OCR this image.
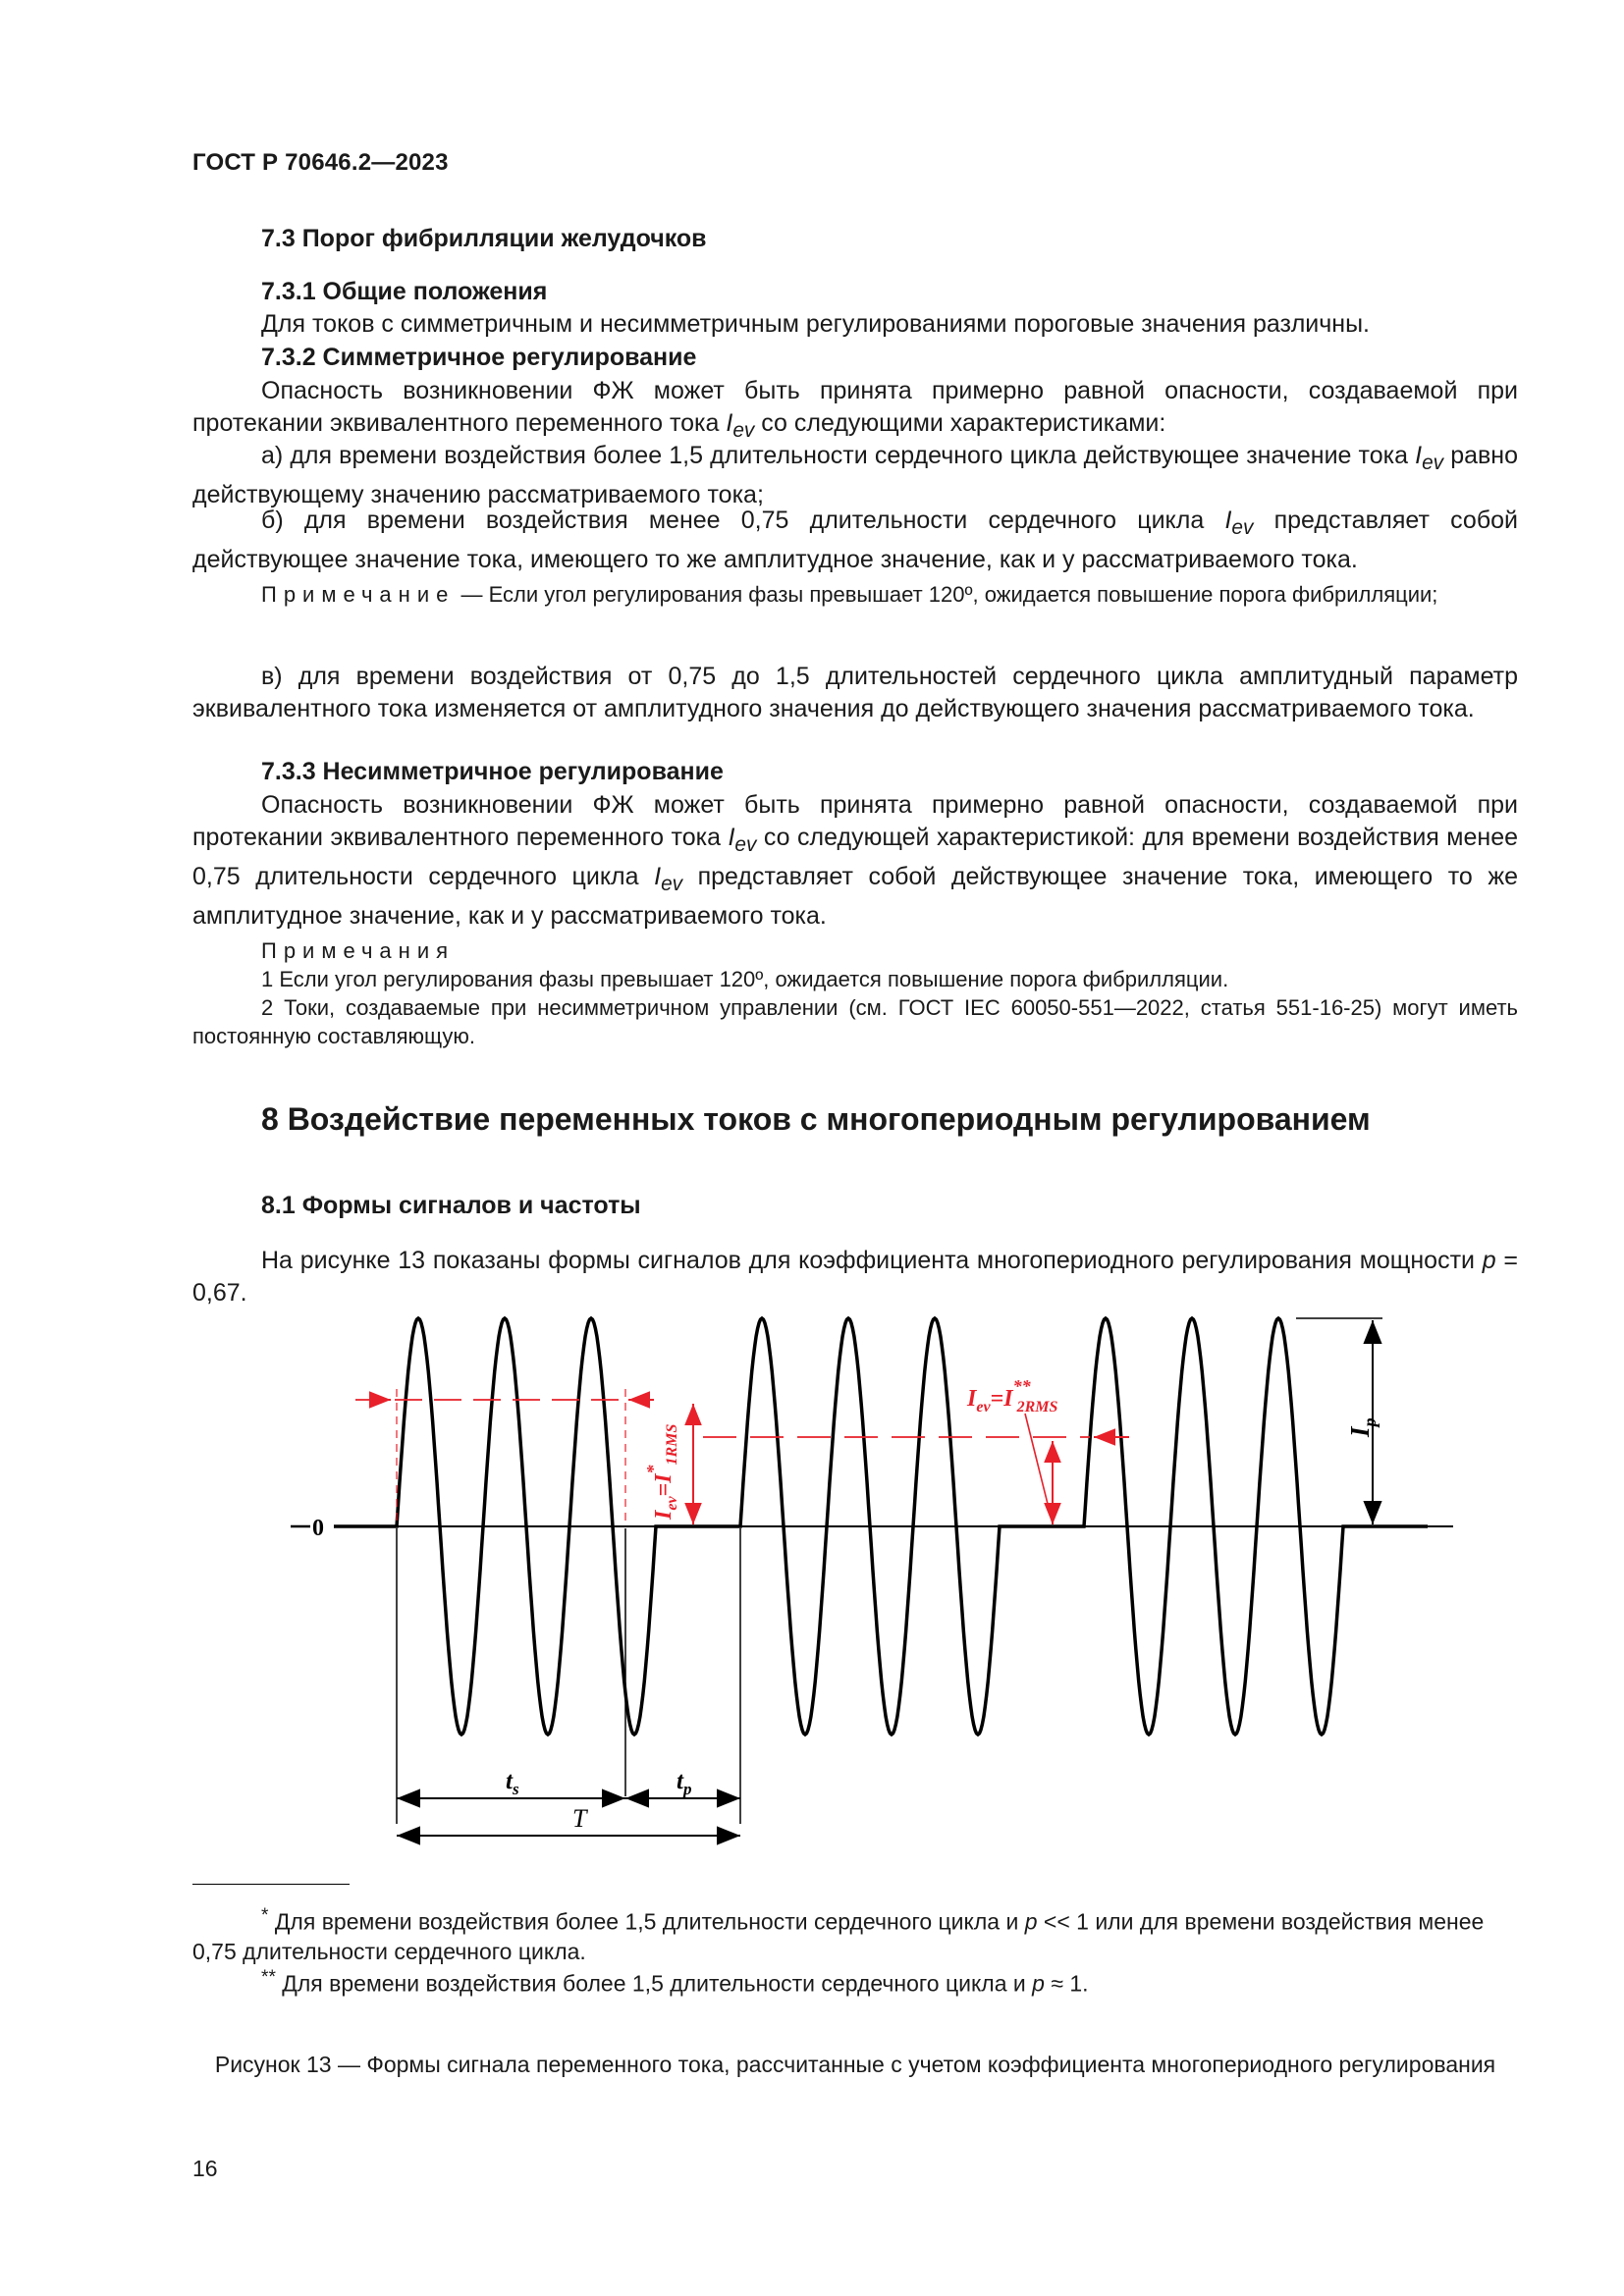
ГОСТ Р 70646.2—2023
7.3 Порог фибрилляции желудочков
7.3.1 Общие положения
Для токов с симметричным и несимметричным регулированиями пороговые значения различны.
7.3.2 Симметричное регулирование
Опасность возникновении ФЖ может быть принята примерно равной опасности, создаваемой при протекании эквивалентного переменного тока $I_{ev}$ со следующими характеристиками:
а) для времени воздействия более 1,5 длительности сердечного цикла действующее значение тока $I_{ev}$ равно действующему значению рассматриваемого тока;
б) для времени воздействия менее 0,75 длительности сердечного цикла $I_{ev}$ представляет собой действующее значение тока, имеющего то же амплитудное значение, как и у рассматриваемого тока.
Примечание — Если угол регулирования фазы превышает 120º, ожидается повышение порога фибрилляции;
в) для времени воздействия от 0,75 до 1,5 длительностей сердечного цикла амплитудный параметр эквивалентного тока изменяется от амплитудного значения до действующего значения рассматриваемого тока.
7.3.3 Несимметричное регулирование
Опасность возникновении ФЖ может быть принята примерно равной опасности, создаваемой при протекании эквивалентного переменного тока $I_{ev}$ со следующей характеристикой: для времени воздействия менее 0,75 длительности сердечного цикла $I_{ev}$ представляет собой действующее значение тока, имеющего то же амплитудное значение, как и у рассматриваемого тока.
Примечания
1 Если угол регулирования фазы превышает 120º, ожидается повышение порога фибрилляции.
2 Токи, создаваемые при несимметричном управлении (см. ГОСТ IEC 60050-551—2022, статья 551-16-25) могут иметь постоянную составляющую.
8 Воздействие переменных токов с многопериодным регулированием
8.1 Формы сигналов и частоты
На рисунке 13 показаны формы сигналов для коэффициента многопериодного регулирования мощности p = 0,67.
0
$t_s$	$t_p$
T
$I_p$
$I_{ev}=I^*_{1RMS}$
$I_{ev}=I^{**}$ 2RMS
* Для времени воздействия более 1,5 длительности сердечного цикла и p << 1 или для времени воздействия менее 0,75 длительности сердечного цикла.
** Для времени воздействия более 1,5 длительности сердечного цикла и p ≈ 1.
Рисунок 13 — Формы сигнала переменного тока, рассчитанные с учетом коэффициента многопериодного регулирования
16
